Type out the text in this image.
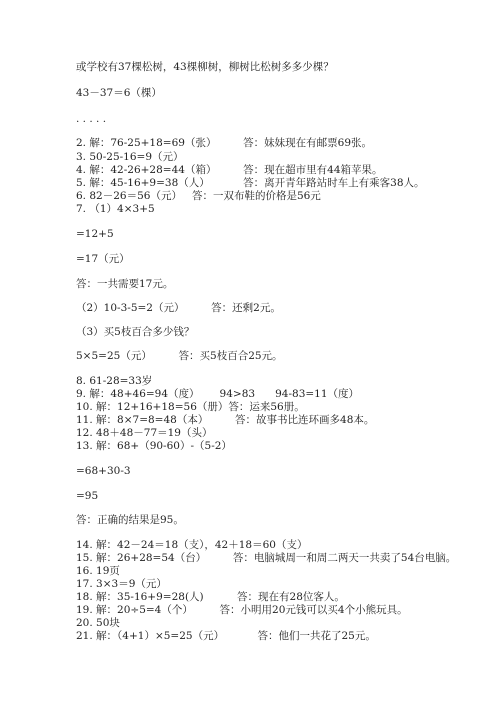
或学校有37棵松树，43棵柳树，柳树比松树多多少棵？
43－37＝6（棵）
. . . . .
2. 解：76-25+18=69（张）        答：妹妹现在有邮票69张。
3. 50-25-16=9（元）
4. 解：42-26+28=44（箱）        答：现在超市里有44箱苹果。
5. 解：45-16+9=38（人）          答：离开青年路站时车上有乘客38人。
6. 82－26＝56（元）   答：一双布鞋的价格是56元
7. （1）4×3+5
=12+5
=17（元）
答：一共需要17元。
（2）10-3-5=2（元）        答：还剩2元。
（3）买5枝百合多少钱？
5×5=25（元）        答：买5枝百合25元。
8. 61-28=33岁
9. 解：48+46=94（度）      94>83      94-83=11（度）
10. 解：12+16+18=56（册）答：运来56册。
11. 解：8×7=8=48（本）        答：故事书比连环画多48本。
12. 48＋48－77＝19（头）
13. 解：68+（90-60）-（5-2）
=68+30-3
=95
答：正确的结果是95。
14. 解：42－24＝18（支），42＋18＝60（支）
15. 解：26+28=54（台）        答：电脑城周一和周二两天一共卖了54台电脑。
16. 19页
17. 3×3＝9（元）
18. 解：35-16+9=28(人)          答：现在有28位客人。
19. 解：20÷5=4（个）        答：小明用20元钱可以买4个小熊玩具。
20. 50块
21. 解：（4+1）×5=25（元）          答：他们一共花了25元。
